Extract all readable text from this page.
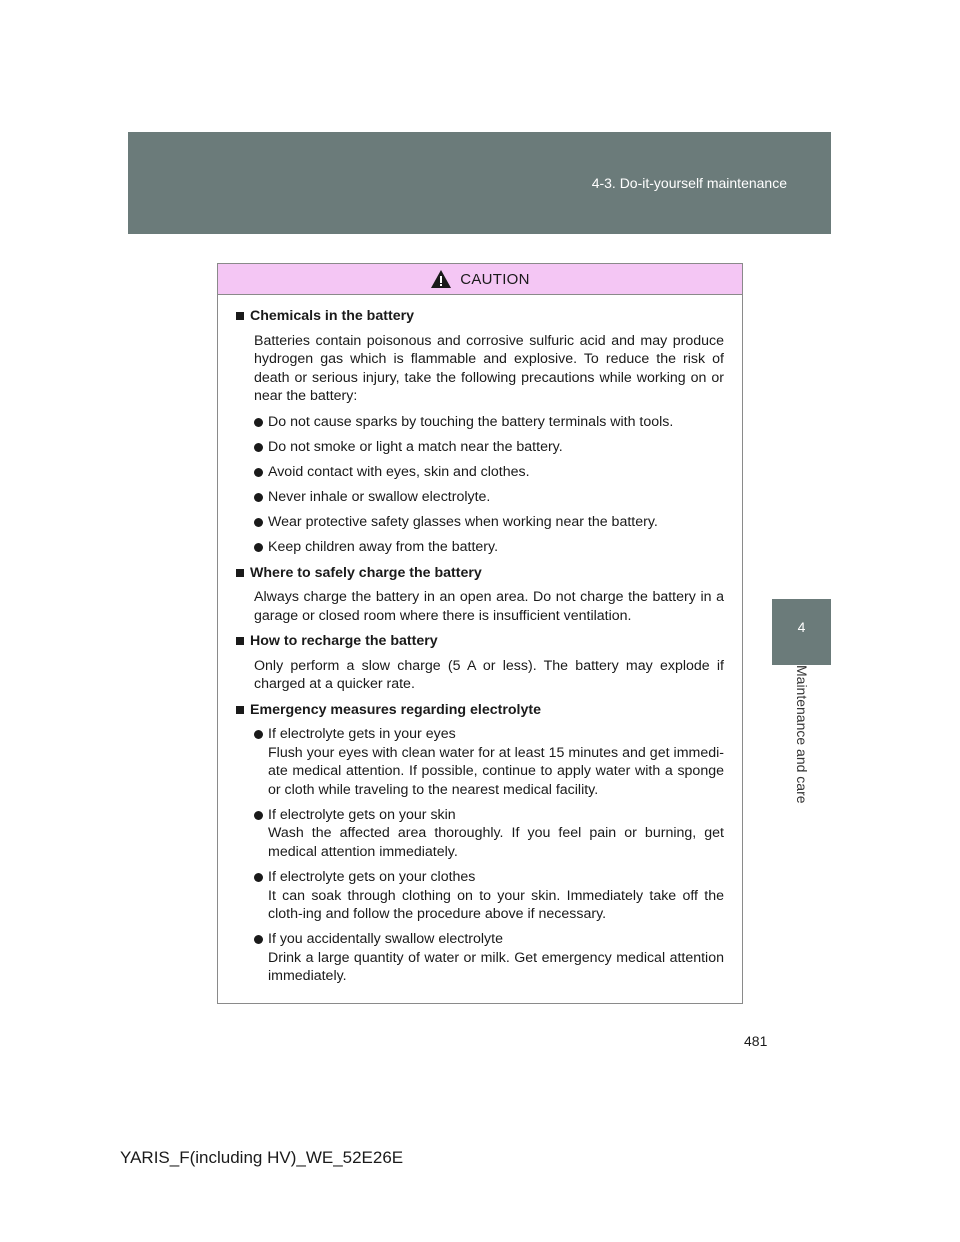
4-3. Do-it-yourself maintenance
4
Maintenance and care
CAUTION
Chemicals in the battery
Batteries contain poisonous and corrosive sulfuric acid and may produce hydrogen gas which is flammable and explosive. To reduce the risk of death or serious injury, take the following precautions while working on or near the battery:
Do not cause sparks by touching the battery terminals with tools.
Do not smoke or light a match near the battery.
Avoid contact with eyes, skin and clothes.
Never inhale or swallow electrolyte.
Wear protective safety glasses when working near the battery.
Keep children away from the battery.
Where to safely charge the battery
Always charge the battery in an open area. Do not charge the battery in a garage or closed room where there is insufficient ventilation.
How to recharge the battery
Only perform a slow charge (5 A or less). The battery may explode if charged at a quicker rate.
Emergency measures regarding electrolyte
If electrolyte gets in your eyes
Flush your eyes with clean water for at least 15 minutes and get immedi-ate medical attention. If possible, continue to apply water with a sponge or cloth while traveling to the nearest medical facility.
If electrolyte gets on your skin
Wash the affected area thoroughly. If you feel pain or burning, get medical attention immediately.
If electrolyte gets on your clothes
It can soak through clothing on to your skin. Immediately take off the cloth-ing and follow the procedure above if necessary.
If you accidentally swallow electrolyte
Drink a large quantity of water or milk. Get emergency medical attention immediately.
481
YARIS_F(including HV)_WE_52E26E
